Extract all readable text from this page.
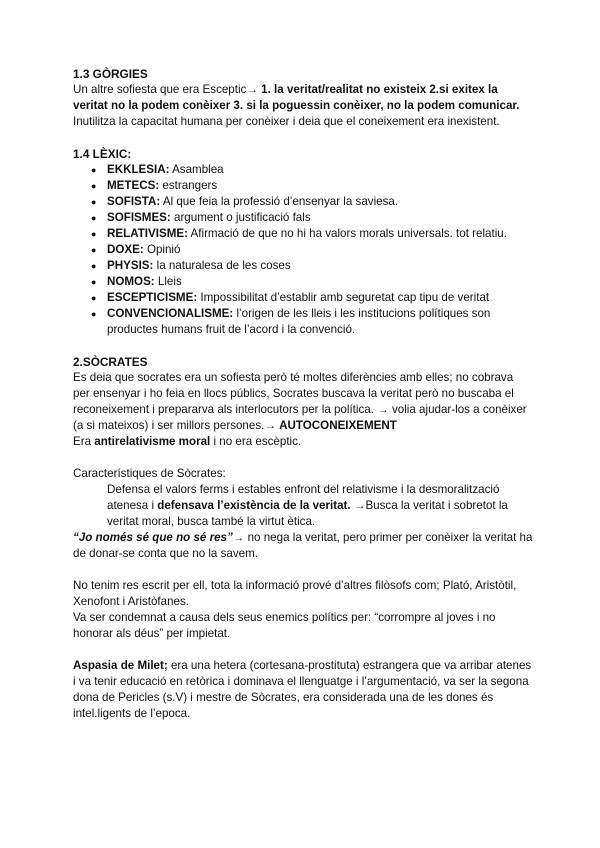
1.3 GÒRGIES

Un altre sofiesta que era Esceptic→ 1. la veritat/realitat no existeix 2.si exitex la veritat no la podem conèixer 3. si la poguessin conèixer, no la podem comunicar.

Inutilitza la capacitat humana per conèixer i deia que el coneixement era inexistent.

1.4 LÈXIC:

● EKKLESIA: Asamblea
● METECS: estrangers
● SOFISTA: Al que feia la professió d’ensenyar la saviesa.
● SOFISMES: argument o justificació fals
● RELATIVISME: Afirmació de que no hi ha valors morals universals. tot relatiu.
● DOXE: Opinió
● PHYSIS: la naturalesa de les coses
● NOMOS: Lleis
● ESCEPTICISME: Impossibilitat d’establir amb seguretat cap tipu de veritat
● CONVENCIONALISME: l’origen de les lleis i les institucions polítiques son productes humans fruit de l’acord i la convenció.

2.SÒCRATES

Es deia que socrates era un sofiesta però té moltes diferències amb elles; no cobrava per ensenyar i ho feia en llocs públics, Socrates buscava la veritat però no buscaba el reconeixement i prepararva als interlocutors per la política. → volia ajudar-los a conèixer (a si mateixos) i ser millors persones.→ AUTOCONEIXEMENT

Era antirelativisme moral i no era escèptic.

Característiques de Sòcrates:

Defensa el valors ferms i estables enfront del relativisme i la desmoralització atenesa i defensava l’existència de la veritat. →Busca la veritat i sobretot la veritat moral, busca també la virtut ètica.

“Jo només sé que no sé res”→ no nega la veritat, pero primer per conèixer la veritat ha de donar-se conta que no la savem.

No tenim res escrit per ell, tota la informació prové d’altres filòsofs com; Plató, Aristòtil, Xenofont i Aristòfanes.

Va ser condemnat a causa dels seus enemics polítics per: “corrompre al joves i no honorar als déus” per impietat.

Aspasia de Milet; era una hetera (cortesana-prostituta) estrangera que va arribar atenes i va tenir educació en retòrica i dominava el llenguatge i l’argumentació, va ser la segona dona de Pericles (s.V) i mestre de Sòcrates, era considerada una de les dones és intel.ligents de l’epoca.
